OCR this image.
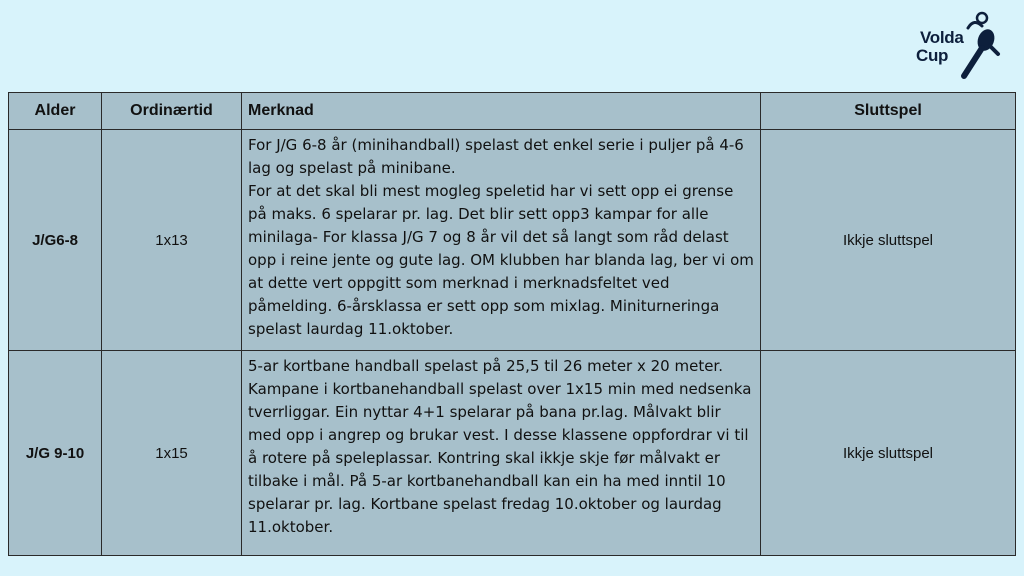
Volda
Cup
Alder	Ordinærtid	Merknad	Sluttspel
J/G6-8	1x13	For J/G 6-8 år (minihandball) spelast det enkel serie i puljer på 4-6 lag og spelast på minibane.
For at det skal bli mest mogleg speletid har vi sett opp ei grense på maks. 6 spelarar pr. lag. Det blir sett opp3 kampar for alle minilaga- For klassa J/G 7 og 8 år vil det så langt som råd delast opp i reine jente og gute lag. OM klubben har blanda lag, ber vi om at dette vert oppgitt som merknad i merknadsfeltet ved påmelding. 6-årsklassa er sett opp som mixlag. Miniturneringa spelast laurdag 11.oktober.	Ikkje sluttspel
J/G 9-10	1x15	5-ar kortbane handball spelast på 25,5 til 26 meter x 20 meter. Kampane i kortbanehandball spelast over 1x15 min med nedsenka tverrliggar. Ein nyttar 4+1 spelarar på bana pr.lag. Målvakt blir med opp i angrep og brukar vest. I desse klassene oppfordrar vi til å rotere på speleplassar. Kontring skal ikkje skje før målvakt er tilbake i mål. På 5-ar kortbanehandball kan ein ha med inntil 10 spelarar pr. lag. Kortbane spelast fredag 10.oktober og laurdag 11.oktober.	Ikkje sluttspel
